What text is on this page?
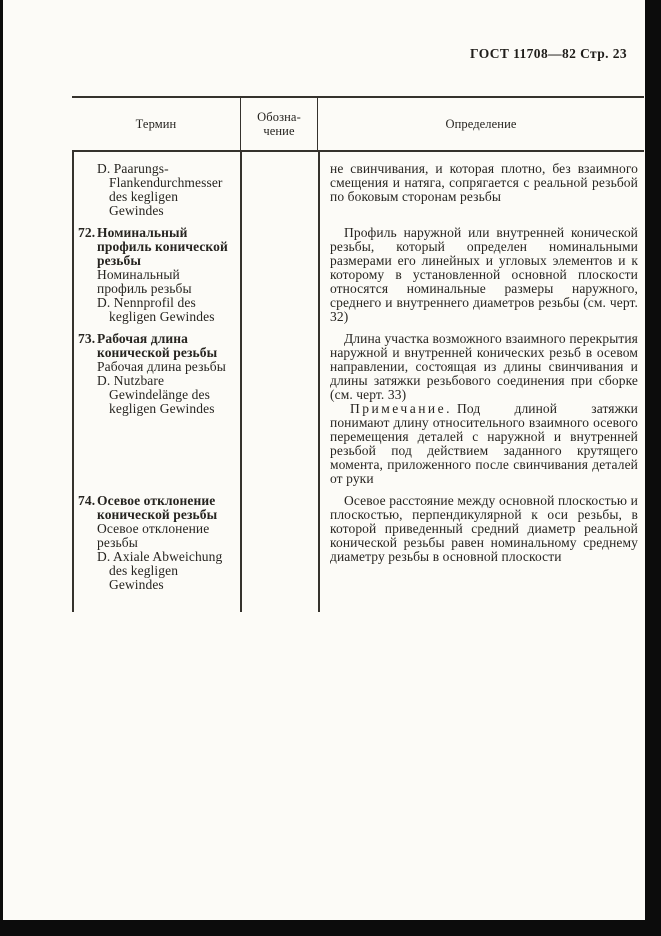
ГОСТ 11708—82 Стр. 23
Термин	Обозна-
чение	Определение
D. Paarungs-Flankendurchmesser des kegligen Gewindes

не свинчивания, и которая плотно, без взаимного смещения и натяга, сопрягается с реальной резьбой по боковым сторонам резьбы

72. Номинальный профиль конической резьбы
Номинальный профиль резьбы
D. Nennprofil des kegligen Gewindes

Профиль наружной или внутренней конической резьбы, который определен номинальными размерами его линейных и угловых элементов и к которому в установленной основной плоскости относятся номинальные размеры наружного, среднего и внутреннего диаметров резьбы (см. черт. 32)

73. Рабочая длина конической резьбы
Рабочая длина резьбы
D. Nutzbare Gewindelänge des kegligen Gewindes

Длина участка возможного взаимного перекрытия наружной и внутренней конических резьб в осевом направлении, состоящая из длины свинчивания и длины затяжки резьбового соединения при сборке (см. черт. 33)

Примечание. Под длиной затяжки понимают длину относительного взаимного осевого перемещения деталей с наружной и внутренней резьбой под действием заданного крутящего момента, приложенного после свинчивания деталей от руки

74. Осевое отклонение конической резьбы
Осевое отклонение резьбы
D. Axiale Abweichung des kegligen Gewindes

Осевое расстояние между основной плоскостью и плоскостью, перпендикулярной к оси резьбы, в которой приведенный средний диаметр реальной конической резьбы равен номинальному среднему диаметру резьбы в основной плоскости
